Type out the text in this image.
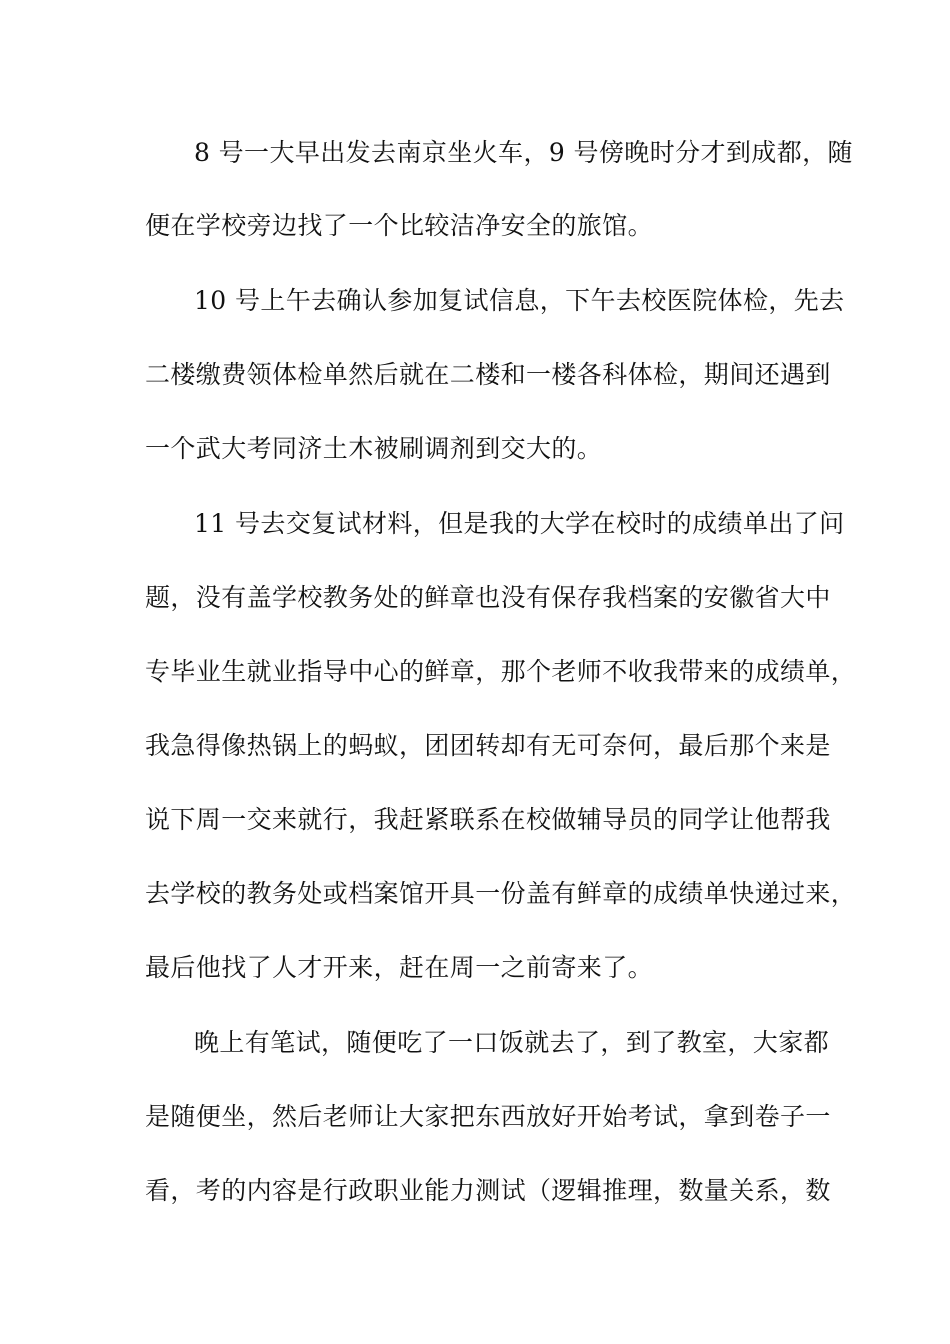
8 号一大早出发去南京坐火车，9 号傍晚时分才到成都，随
便在学校旁边找了一个比较洁净安全的旅馆。
10 号上午去确认参加复试信息，下午去校医院体检，先去
二楼缴费领体检单然后就在二楼和一楼各科体检，期间还遇到
一个武大考同济土木被刷调剂到交大的。
11 号去交复试材料，但是我的大学在校时的成绩单出了问
题，没有盖学校教务处的鲜章也没有保存我档案的安徽省大中
专毕业生就业指导中心的鲜章，那个老师不收我带来的成绩单，
我急得像热锅上的蚂蚁，团团转却有无可奈何，最后那个来是
说下周一交来就行，我赶紧联系在校做辅导员的同学让他帮我
去学校的教务处或档案馆开具一份盖有鲜章的成绩单快递过来，
最后他找了人才开来，赶在周一之前寄来了。
晚上有笔试，随便吃了一口饭就去了，到了教室，大家都
是随便坐，然后老师让大家把东西放好开始考试，拿到卷子一
看，考的内容是行政职业能力测试（逻辑推理，数量关系，数
